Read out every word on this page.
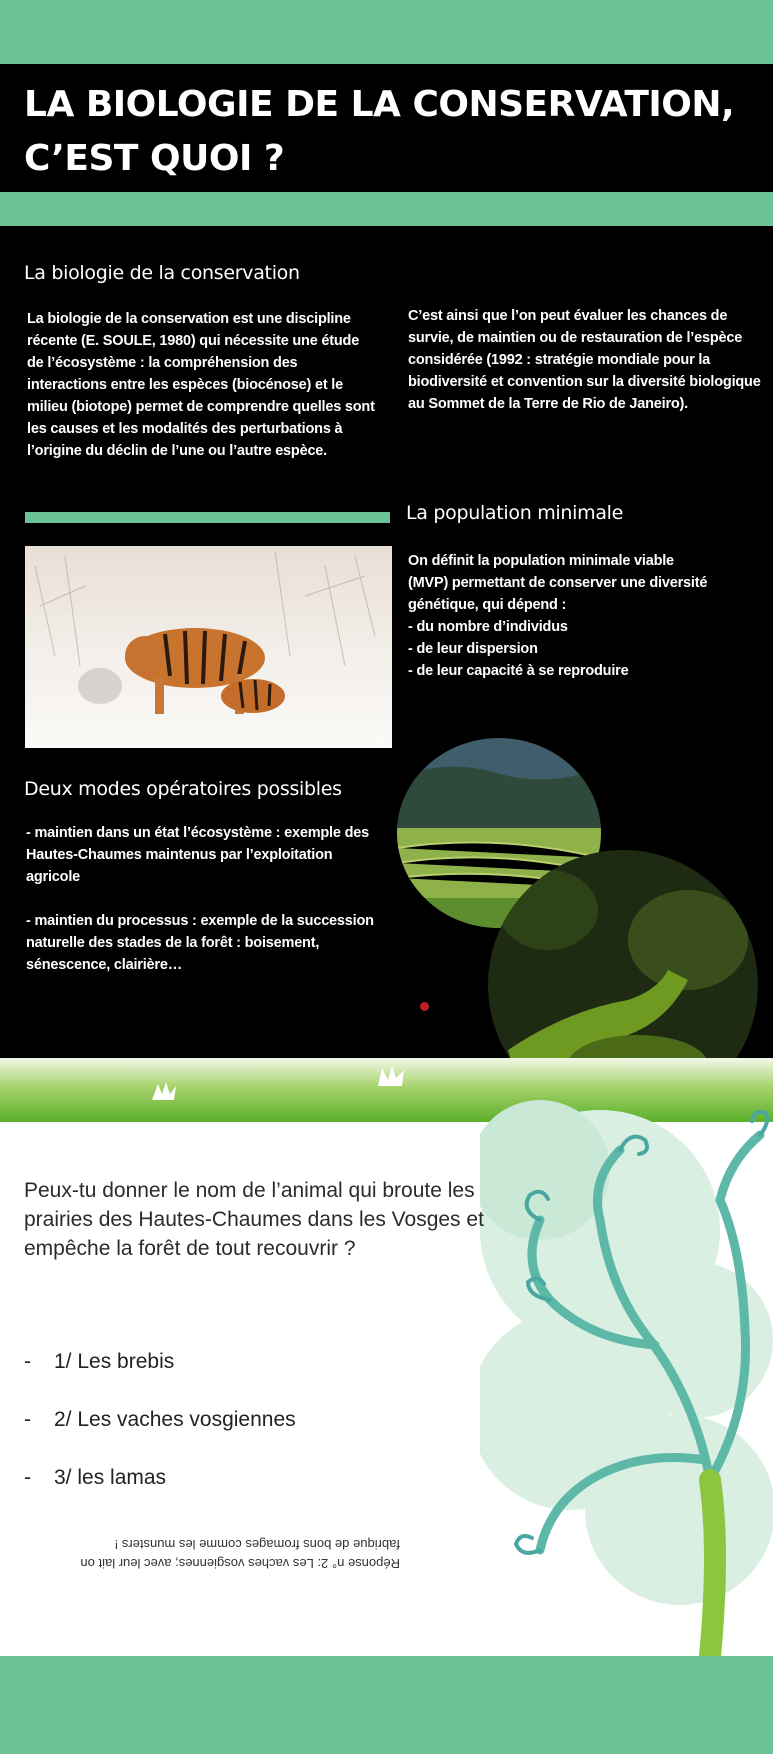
LA BIOLOGIE DE LA CONSERVATION,
C’EST QUOI ?
La biologie de la conservation
La biologie de la conservation est une discipline récente (E. SOULE, 1980) qui nécessite une étude de l’écosystème : la compréhension des interactions entre les espèces (biocénose) et le milieu (biotope) permet de comprendre quelles sont les causes et les modalités des perturbations à l’origine du déclin de l’une ou l’autre espèce.
C’est ainsi que l’on peut évaluer les chances de survie, de maintien ou de restauration de l’espèce considérée (1992 : stratégie mondiale pour la biodiversité et convention sur la diversité biologique au Sommet de la Terre de Rio de Janeiro).
La population minimale
On définit la population minimale viable (MVP) permettant de conserver une diversité génétique, qui dépend :
- du nombre d’individus
- de leur dispersion
- de leur capacité à se reproduire
Deux modes opératoires possibles

- maintien dans un état l’écosystème : exemple des Hautes-Chaumes maintenus par l’exploitation agricole

- maintien du processus : exemple de la succession naturelle des stades de la forêt : boisement, sénescence, clairière…

Peux-tu donner le nom de l’animal qui broute les prairies des Hautes-Chaumes dans les Vosges et empêche la forêt de tout recouvrir ?
- 1/ Les brebis
- 2/ Les vaches vosgiennes
- 3/ les lamas
Réponse n° 2: Les vaches vosgiennes; avec leur lait on fabrique de bons fromages comme les munsters !
